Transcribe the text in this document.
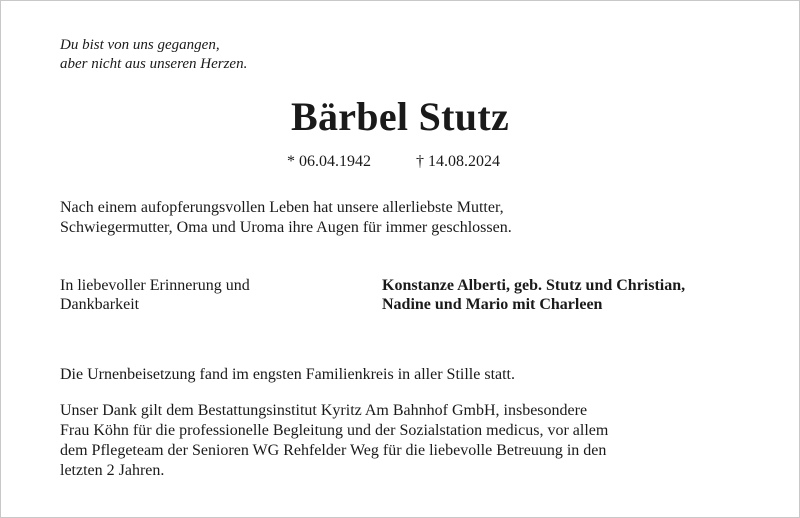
Du bist von uns gegangen,
aber nicht aus unseren Herzen.
Bärbel Stutz
* 06.04.1942	† 14.08.2024
Nach einem aufopferungsvollen Leben hat unsere allerliebste Mutter,
Schwiegermutter, Oma und Uroma ihre Augen für immer geschlossen.
In liebevoller Erinnerung und
Dankbarkeit
Konstanze Alberti, geb. Stutz und Christian,
Nadine und Mario mit Charleen
Die Urnenbeisetzung fand im engsten Familienkreis in aller Stille statt.
Unser Dank gilt dem Bestattungsinstitut Kyritz Am Bahnhof GmbH, insbesondere
Frau Köhn für die professionelle Begleitung und der Sozialstation medicus, vor allem
dem Pflegeteam der Senioren WG Rehfelder Weg für die liebevolle Betreuung in den
letzten 2 Jahren.
